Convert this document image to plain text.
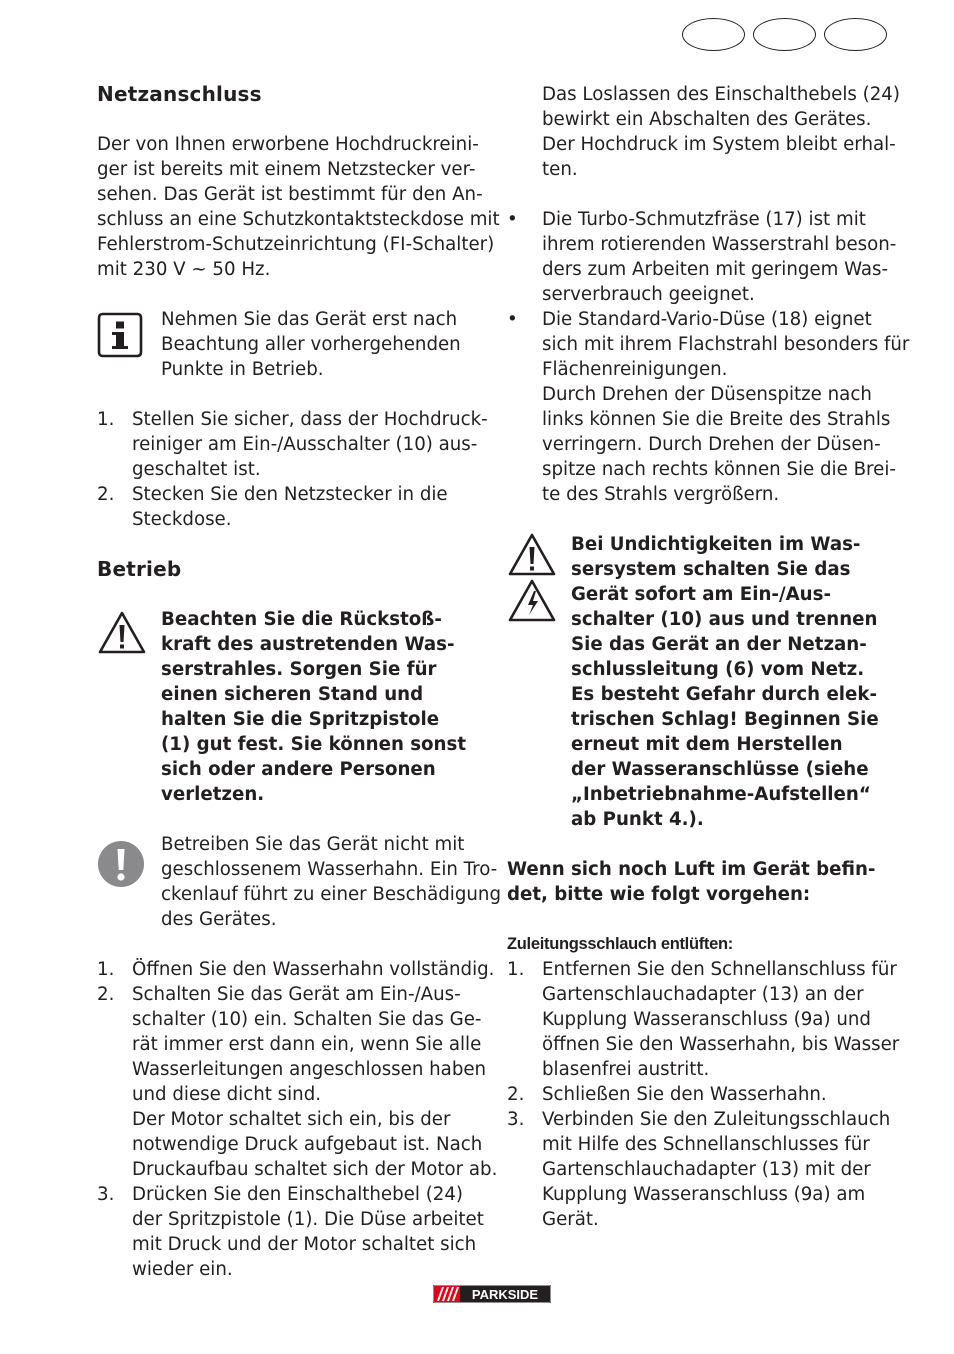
Netzanschluss
Der von Ihnen erworbene Hochdruckreini-
ger ist bereits mit einem Netzstecker ver-
sehen. Das Gerät ist bestimmt für den An-
schluss an eine Schutzkontaktsteckdose mit
Fehlerstrom-Schutzeinrichtung (FI-Schalter)
mit 230 V ~ 50 Hz.
Nehmen Sie das Gerät erst nach
Beachtung aller vorhergehenden
Punkte in Betrieb.
1. Stellen Sie sicher, dass der Hochdruck-
reiniger am Ein-/Ausschalter (10) aus-
geschaltet ist.
2. Stecken Sie den Netzstecker in die
Steckdose.
Betrieb
Beachten Sie die Rückstoß-
kraft des austretenden Was-
serstrahles. Sorgen Sie für
einen sicheren Stand und
halten Sie die Spritzpistole
(1) gut fest. Sie können sonst
sich oder andere Personen
verletzen.
Betreiben Sie das Gerät nicht mit
geschlossenem Wasserhahn. Ein Tro-
ckenlauf führt zu einer Beschädigung
des Gerätes.
1. Öffnen Sie den Wasserhahn vollständig.
2. Schalten Sie das Gerät am Ein-/Aus-
schalter (10) ein. Schalten Sie das Ge-
rät immer erst dann ein, wenn Sie alle
Wasserleitungen angeschlossen haben
und diese dicht sind.
Der Motor schaltet sich ein, bis der
notwendige Druck aufgebaut ist. Nach
Druckaufbau schaltet sich der Motor ab.
3. Drücken Sie den Einschalthebel (24)
der Spritzpistole (1). Die Düse arbeitet
mit Druck und der Motor schaltet sich
wieder ein.
Das Loslassen des Einschalthebels (24)
bewirkt ein Abschalten des Gerätes.
Der Hochdruck im System bleibt erhal-
ten.
•	Die Turbo-Schmutzfräse (17) ist mit
ihrem rotierenden Wasserstrahl beson-
ders zum Arbeiten mit geringem Was-
serverbrauch geeignet.
•	Die Standard-Vario-Düse (18) eignet
sich mit ihrem Flachstrahl besonders für
Flächenreinigungen.
Durch Drehen der Düsenspitze nach
links können Sie die Breite des Strahls
verringern. Durch Drehen der Düsen-
spitze nach rechts können Sie die Brei-
te des Strahls vergrößern.
Bei Undichtigkeiten im Was-
sersystem schalten Sie das
Gerät sofort am Ein-/Aus-
schalter (10) aus und trennen
Sie das Gerät an der Netzan-
schlussleitung (6) vom Netz.
Es besteht Gefahr durch elek-
trischen Schlag! Beginnen Sie
erneut mit dem Herstellen
der Wasseranschlüsse (siehe
„Inbetriebnahme-Aufstellen“
ab Punkt 4.).
Wenn sich noch Luft im Gerät befin-
det, bitte wie folgt vorgehen:
Zuleitungsschlauch entlüften:
1. Entfernen Sie den Schnellanschluss für
Gartenschlauchadapter (13) an der
Kupplung Wasseranschluss (9a) und
öffnen Sie den Wasserhahn, bis Wasser
blasenfrei austritt.
2. Schließen Sie den Wasserhahn.
3. Verbinden Sie den Zuleitungsschlauch
mit Hilfe des Schnellanschlusses für
Gartenschlauchadapter (13) mit der
Kupplung Wasseranschluss (9a) am
Gerät.
PARKSIDE
